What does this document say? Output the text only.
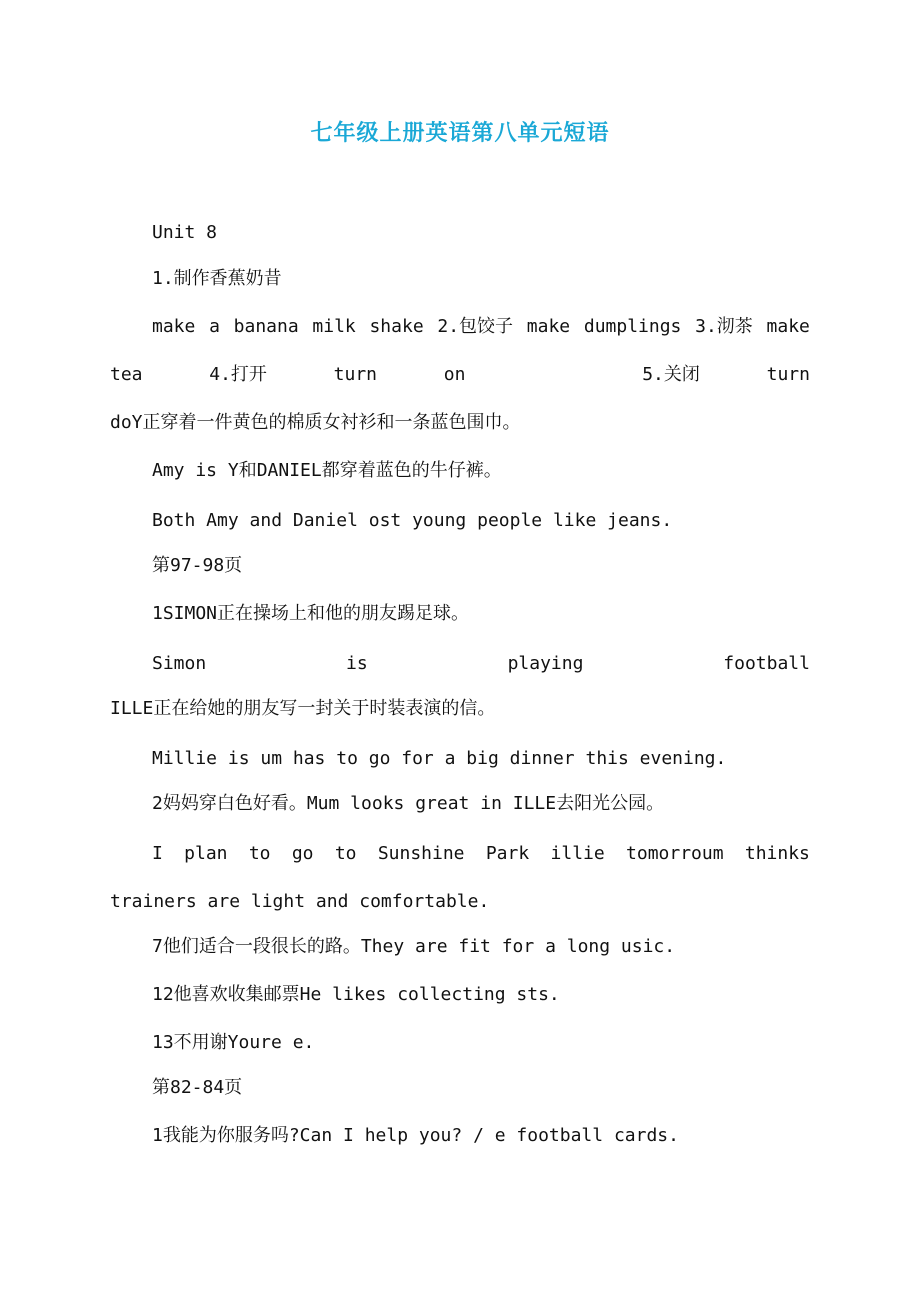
七年级上册英语第八单元短语

Unit 8

1.制作香蕉奶昔

make a banana milk shake 2.包饺子 make dumplings 3.沏茶 make
tea	4.打开	turn	on	5.关闭	turn

doY正穿着一件黄色的棉质女衬衫和一条蓝色围巾。

Amy is Y和DANIEL都穿着蓝色的牛仔裤。

Both Amy and Daniel ost young people like jeans.

第97-98页

1SIMON正在操场上和他的朋友踢足球。

Simon	is	playing	football

ILLE正在给她的朋友写一封关于时装表演的信。

Millie is um has to go for a big dinner this evening.

2妈妈穿白色好看。Mum looks great in ILLE去阳光公园。

I plan to go to Sunshine Park illie tomorroum thinks

trainers are light and comfortable.

7他们适合一段很长的路。They are fit for a long usic.

12他喜欢收集邮票He likes collecting sts.

13不用谢Youre e.

第82-84页

1我能为你服务吗?Can I help you? / e football cards.
